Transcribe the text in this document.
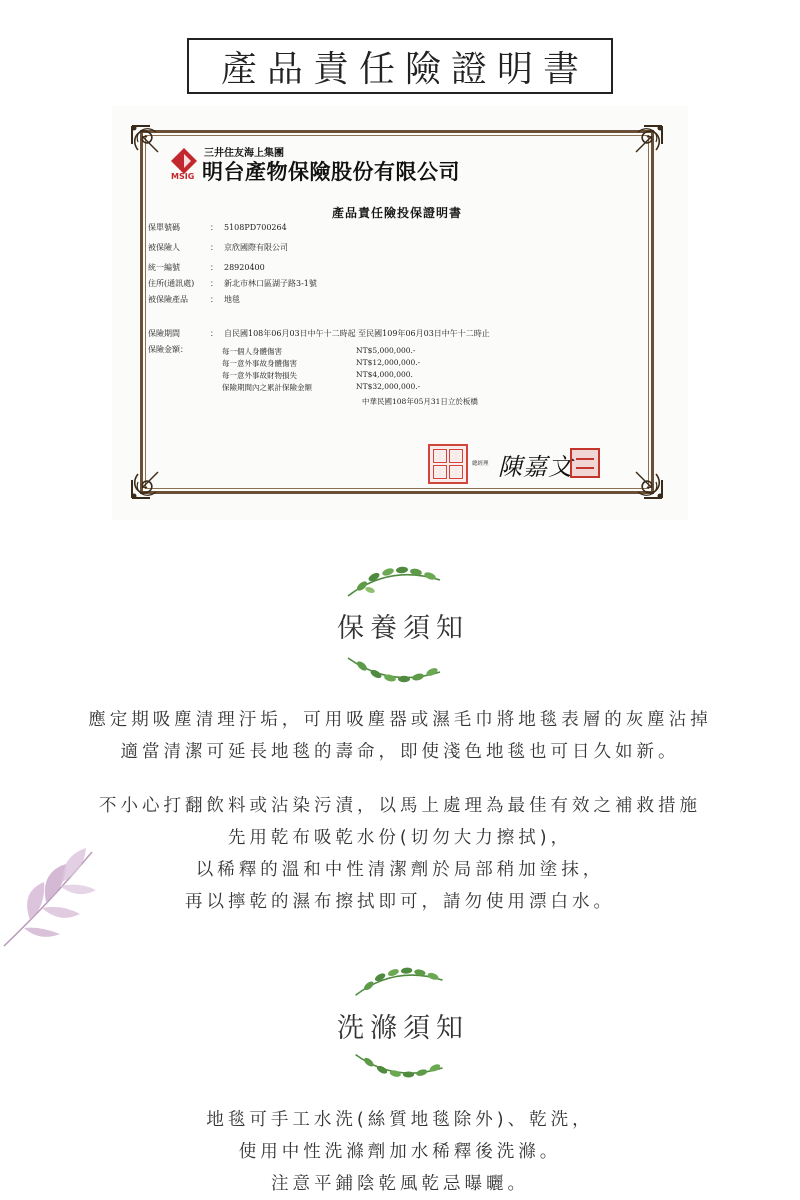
產品責任險證明書
MSIG
三井住友海上集團
明台產物保險股份有限公司
產品責任險投保證明書
保單號碼	： 5108PD700264
被保險人	： 京欣國際有限公司
統一編號	： 28920400
住所(通訊處) ： 新北市林口區湖子路3-1號
被保險產品	： 地毯
保險期間	： 自民國108年06月03日中午十二時起 至民國109年06月03日中午十二時止
保險金額：	每一個人身體傷害	NT$5,000,000.-
每一意外事故身體傷害	NT$12,000,000.-
每一意外事故財物損失	NT$4,000,000.
保險期間內之累計保險金額	NT$32,000,000.-
中華民國108年05月31日立於板橋
總經理 陳嘉文
保養須知
應定期吸塵清理汙垢，可用吸塵器或濕毛巾將地毯表層的灰塵沾掉
適當清潔可延長地毯的壽命，即使淺色地毯也可日久如新。
不小心打翻飲料或沾染污漬，以馬上處理為最佳有效之補救措施
先用乾布吸乾水份(切勿大力擦拭)，
以稀釋的溫和中性清潔劑於局部稍加塗抹，
再以擰乾的濕布擦拭即可，請勿使用漂白水。
洗滌須知
地毯可手工水洗(絲質地毯除外)、乾洗，
使用中性洗滌劑加水稀釋後洗滌。
注意平鋪陰乾風乾忌曝曬。
